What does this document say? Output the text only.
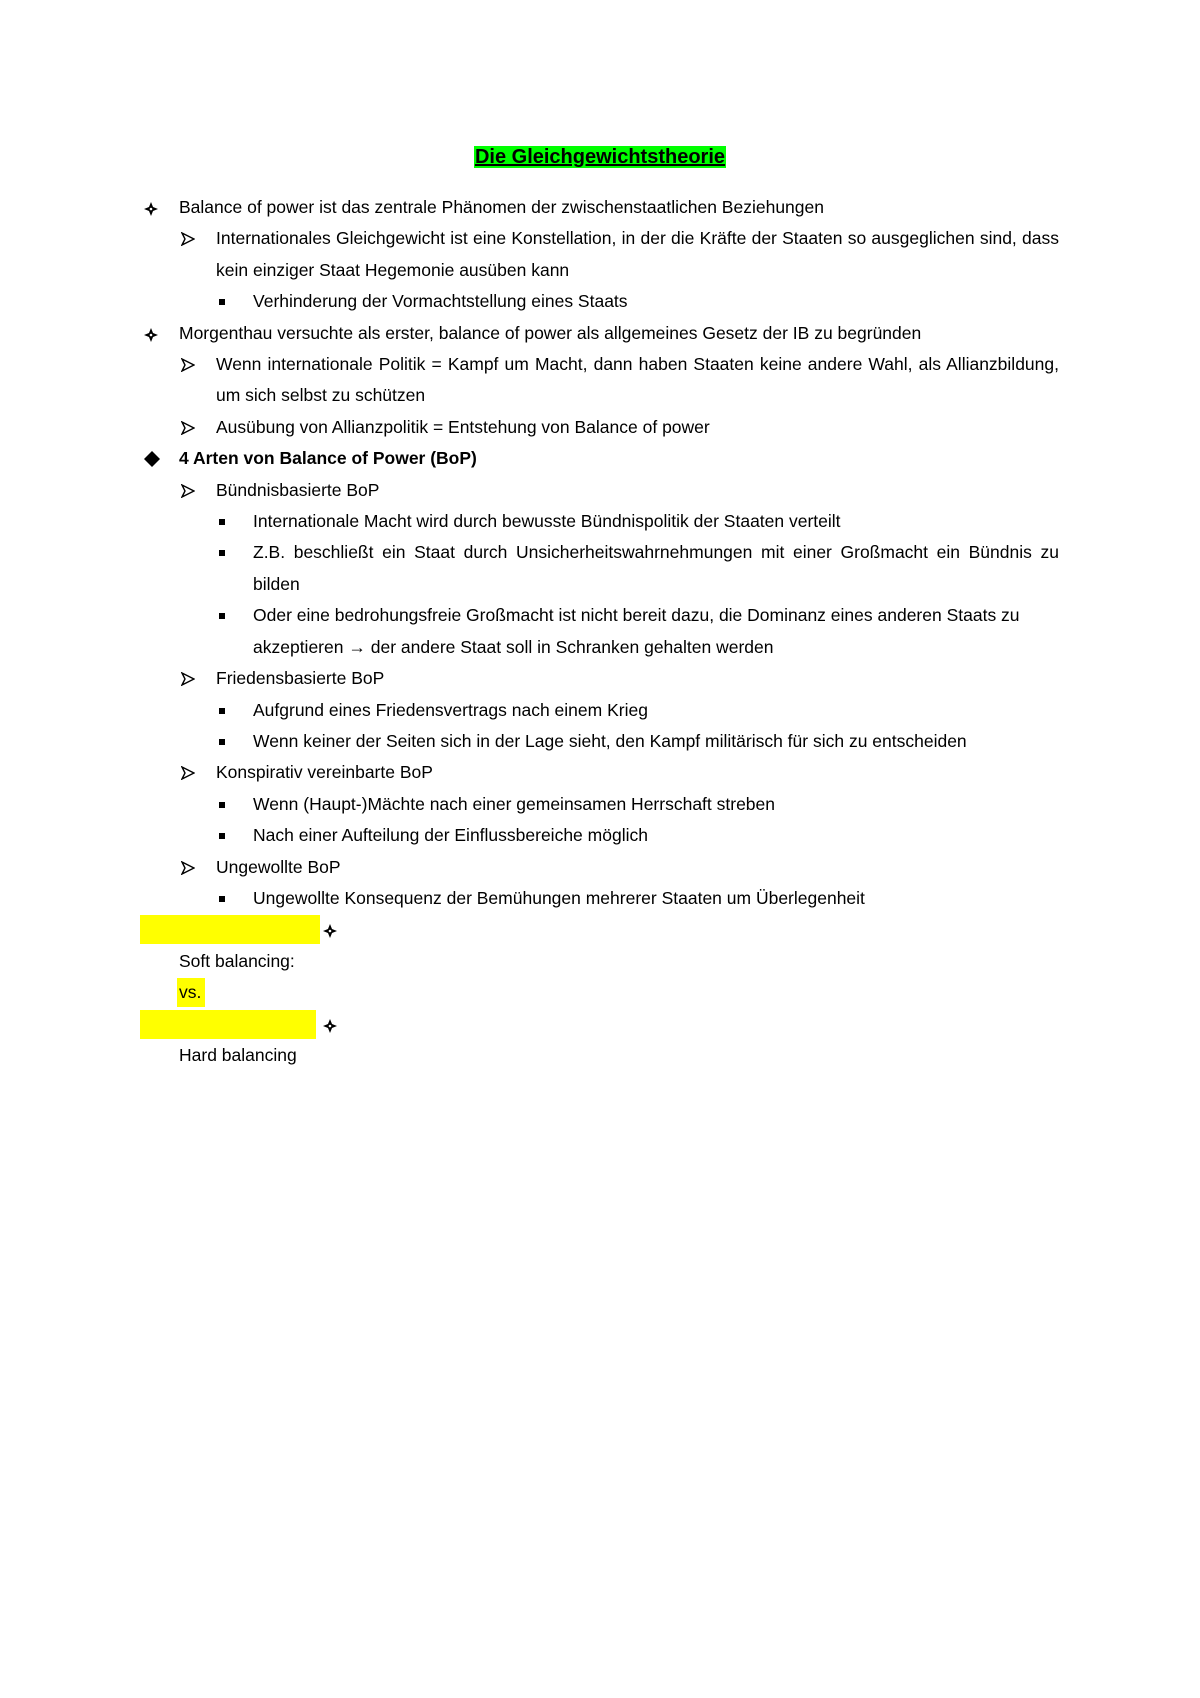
Die Gleichgewichtstheorie
Balance of power ist das zentrale Phänomen der zwischenstaatlichen Beziehungen
Internationales Gleichgewicht ist eine Konstellation, in der die Kräfte der Staaten so ausgeglichen sind, dass kein einziger Staat Hegemonie ausüben kann
Verhinderung der Vormachtstellung eines Staats
Morgenthau versuchte als erster, balance of power als allgemeines Gesetz der IB zu begründen
Wenn internationale Politik = Kampf um Macht, dann haben Staaten keine andere Wahl, als Allianzbildung, um sich selbst zu schützen
Ausübung von Allianzpolitik = Entstehung von Balance of power
4 Arten von Balance of Power (BoP)
Bündnisbasierte BoP
Internationale Macht wird durch bewusste Bündnispolitik der Staaten verteilt
Z.B. beschließt ein Staat durch Unsicherheitswahrnehmungen mit einer Großmacht ein Bündnis zu bilden
Oder eine bedrohungsfreie Großmacht ist nicht bereit dazu, die Dominanz eines anderen Staats zu akzeptieren → der andere Staat soll in Schranken gehalten werden
Friedensbasierte BoP
Aufgrund eines Friedensvertrags nach einem Krieg
Wenn keiner der Seiten sich in der Lage sieht, den Kampf militärisch für sich zu entscheiden
Konspirativ vereinbarte BoP
Wenn (Haupt-)Mächte nach einer gemeinsamen Herrschaft streben
Nach einer Aufteilung der Einflussbereiche möglich
Ungewollte BoP
Ungewollte Konsequenz der Bemühungen mehrerer Staaten um Überlegenheit
Soft balancing:
vs.
Hard balancing
